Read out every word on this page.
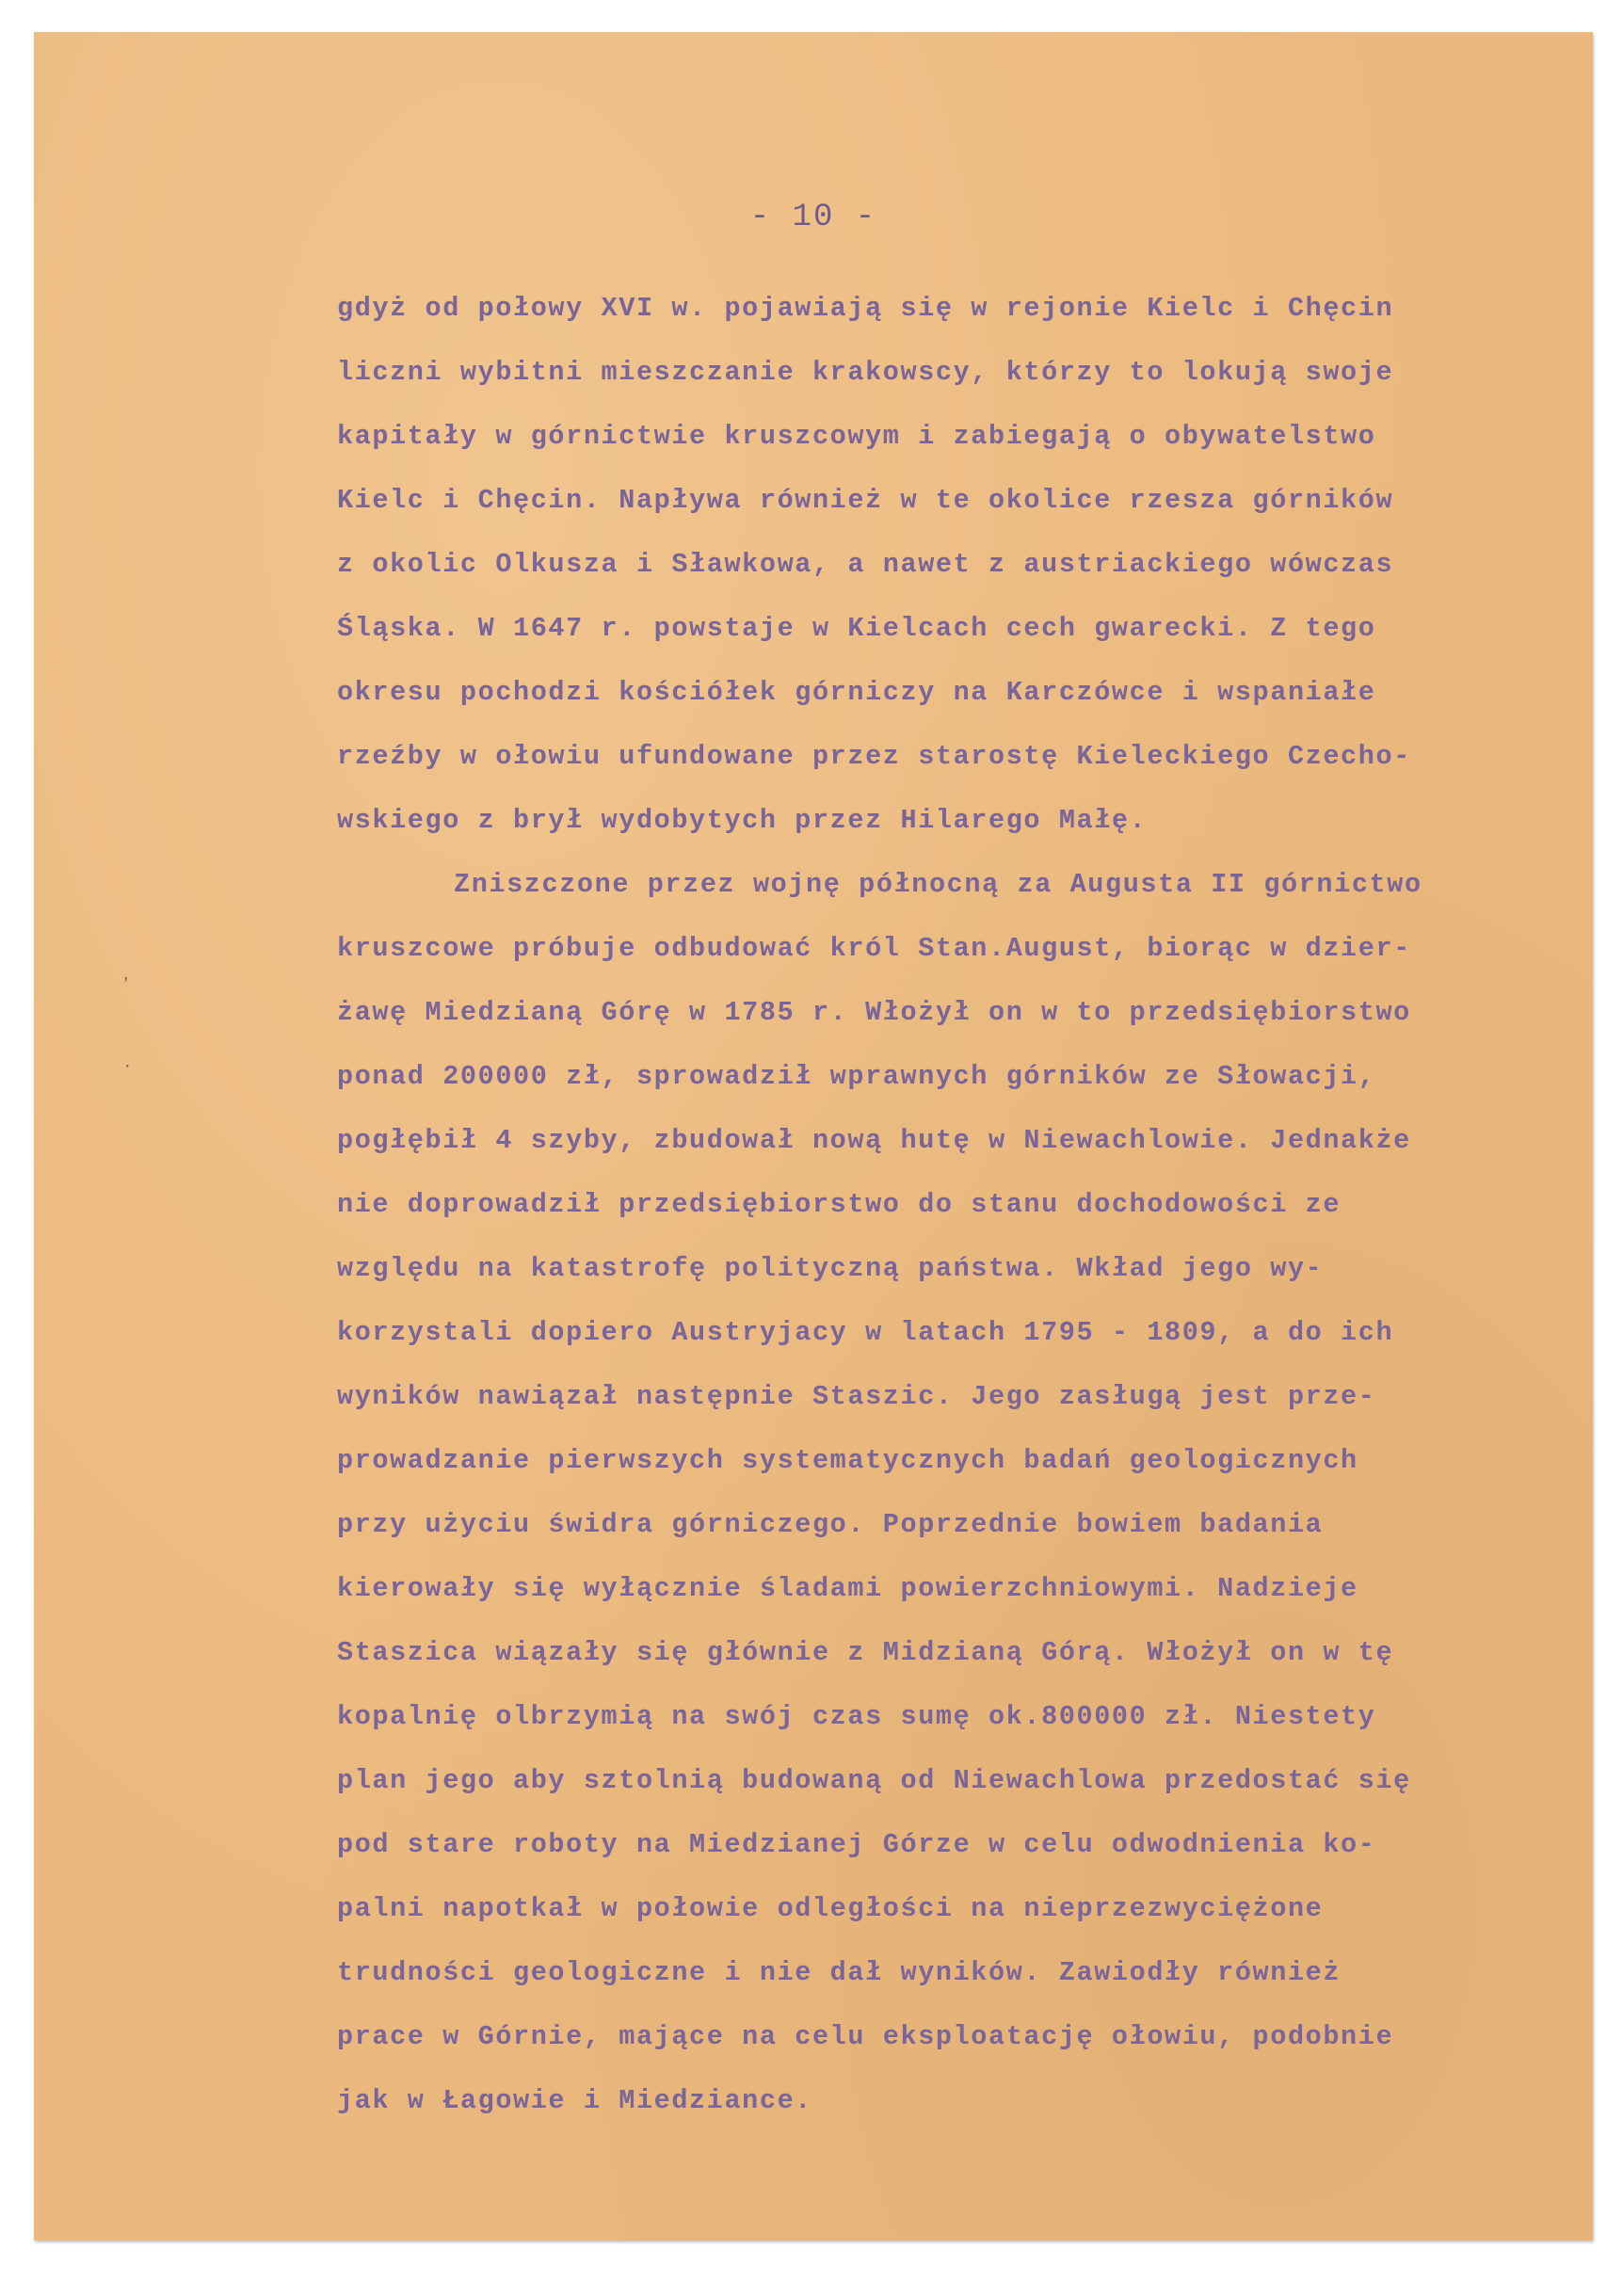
- 10 -
'
·
gdyż od połowy XVI w. pojawiają się w rejonie Kielc i Chęcin
liczni wybitni mieszczanie krakowscy, którzy to lokują swoje
kapitały w górnictwie kruszcowym i zabiegają o obywatelstwo
Kielc i Chęcin. Napływa również w te okolice rzesza górników
z okolic Olkusza i Sławkowa, a nawet z austriackiego wówczas
Śląska. W 1647 r. powstaje w Kielcach cech gwarecki. Z tego
okresu pochodzi kościółek górniczy na Karczówce i wspaniałe
rzeźby w ołowiu ufundowane przez starostę Kieleckiego Czecho-
wskiego z brył wydobytych przez Hilarego Małę.
Zniszczone przez wojnę północną za Augusta II górnictwo
kruszcowe próbuje odbudować król Stan.August, biorąc w dzier-
żawę Miedzianą Górę w 1785 r. Włożył on w to przedsiębiorstwo
ponad 200000 zł, sprowadził wprawnych górników ze Słowacji,
pogłębił 4 szyby, zbudował nową hutę w Niewachlowie. Jednakże
nie doprowadził przedsiębiorstwo do stanu dochodowości ze
względu na katastrofę polityczną państwa. Wkład jego wy-
korzystali dopiero Austryjacy w latach 1795 - 1809, a do ich
wyników nawiązał następnie Staszic. Jego zasługą jest prze-
prowadzanie pierwszych systematycznych badań geologicznych
przy użyciu świdra górniczego. Poprzednie bowiem badania
kierowały się wyłącznie śladami powierzchniowymi. Nadzieje
Staszica wiązały się głównie z Midzianą Górą. Włożył on w tę
kopalnię olbrzymią na swój czas sumę ok.800000 zł. Niestety
plan jego aby sztolnią budowaną od Niewachlowa przedostać się
pod stare roboty na Miedzianej Górze w celu odwodnienia ko-
palni napotkał w połowie odległości na nieprzezwyciężone
trudności geologiczne i nie dał wyników. Zawiodły również
prace w Górnie, mające na celu eksploatację ołowiu, podobnie
jak w Łagowie i Miedziance.
